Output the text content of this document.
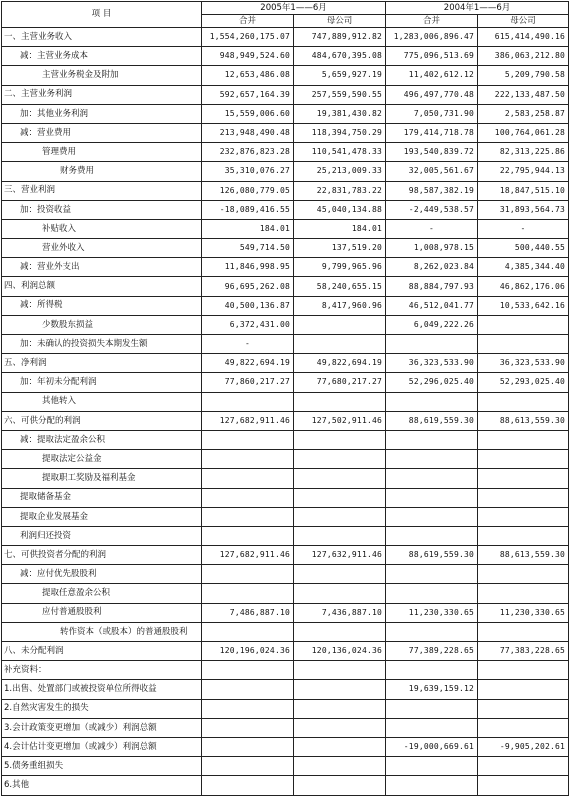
项 目	2005年1——6月		2004年1——6月	
	合并	母公司	合并	母公司
一、主营业务收入	1,554,260,175.07	747,889,912.82	1,283,006,896.47	615,414,490.16
减：主营业务成本	948,949,524.60	484,670,395.08	775,096,513.69	386,063,212.80
主营业务税金及附加	12,653,486.08	5,659,927.19	11,402,612.12	5,209,790.58
二、主营业务利润	592,657,164.39	257,559,590.55	496,497,770.48	222,133,487.50
加：其他业务利润	15,559,006.60	19,381,430.82	7,050,731.90	2,583,258.87
减：营业费用	213,948,490.48	118,394,750.29	179,414,718.78	100,764,061.28
管理费用	232,876,823.28	110,541,478.33	193,540,839.72	82,313,225.86
财务费用	35,310,076.27	25,213,009.33	32,005,561.67	22,795,944.13
三、营业利润	126,080,779.05	22,831,783.22	98,587,382.19	18,847,515.10
加：投资收益	-18,089,416.55	45,040,134.88	-2,449,538.57	31,893,564.73
补贴收入	184.01	184.01	-	-
营业外收入	549,714.50	137,519.20	1,008,978.15	500,440.55
减：营业外支出	11,846,998.95	9,799,965.96	8,262,023.84	4,385,344.40
四、利润总额	96,695,262.08	58,240,655.15	88,884,797.93	46,862,176.06
减：所得税	40,500,136.87	8,417,960.96	46,512,041.77	10,533,642.16
少数股东损益	6,372,431.00		6,049,222.26	
加：未确认的投资损失本期发生额	-			
五、净利润	49,822,694.19	49,822,694.19	36,323,533.90	36,323,533.90
加：年初未分配利润	77,860,217.27	77,680,217.27	52,296,025.40	52,293,025.40
其他转入				
六、可供分配的利润	127,682,911.46	127,502,911.46	88,619,559.30	88,613,559.30
减：提取法定盈余公积				
提取法定公益金				
提取职工奖励及福利基金				
提取储备基金				
提取企业发展基金				
利润归还投资				
七、可供投资者分配的利润	127,682,911.46	127,632,911.46	88,619,559.30	88,613,559.30
减：应付优先股股利				
提取任意盈余公积				
应付普通股股利	7,486,887.10	7,436,887.10	11,230,330.65	11,230,330.65
转作资本（或股本）的普通股股利				
八、未分配利润	120,196,024.36	120,136,024.36	77,389,228.65	77,383,228.65
补充资料：				
1.出售、处置部门或被投资单位所得收益			19,639,159.12	
2.自然灾害发生的损失				
3.会计政策变更增加（或减少）利润总额				
4.会计估计变更增加（或减少）利润总额			-19,000,669.61	-9,905,202.61
5.债务重组损失				
6.其他				
